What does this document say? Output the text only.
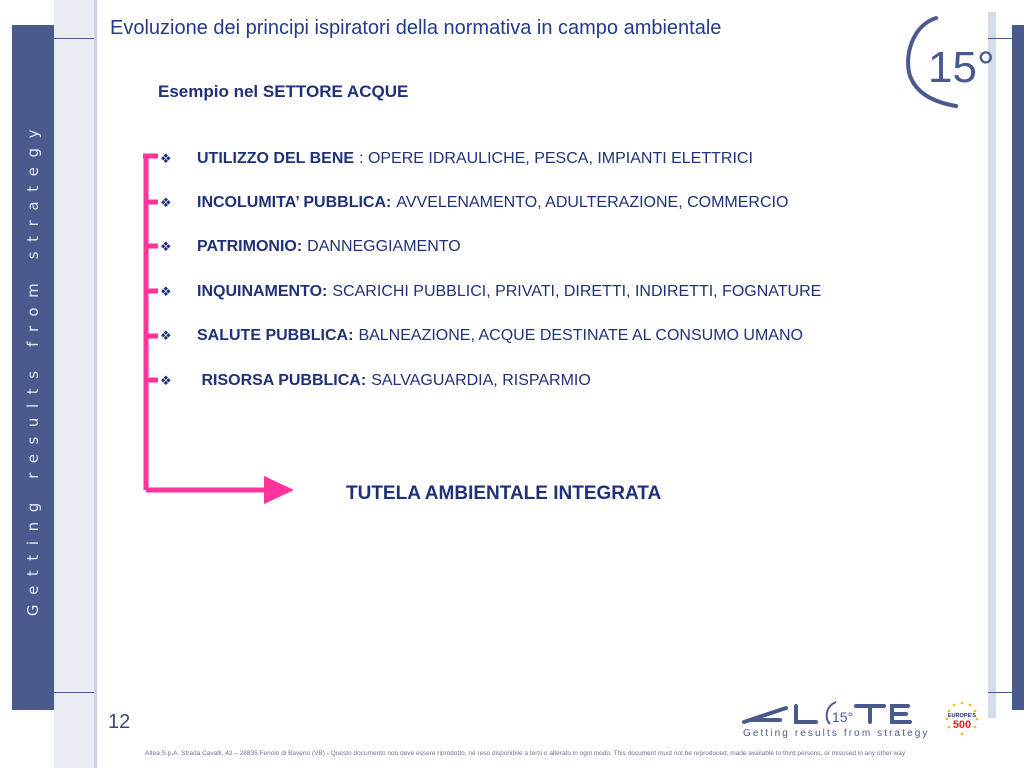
Getting results from strategy
Evoluzione dei principi ispiratori della normativa in campo ambientale
Esempio nel SETTORE ACQUE	15°
❖	UTILIZZO DEL BENE : OPERE IDRAULICHE, PESCA, IMPIANTI ELETTRICI
❖	INCOLUMITA’ PUBBLICA: AVVELENAMENTO, ADULTERAZIONE, COMMERCIO
❖	PATRIMONIO: DANNEGGIAMENTO
❖	INQUINAMENTO: SCARICHI PUBBLICI, PRIVATI, DIRETTI, INDIRETTI, FOGNATURE
❖	SALUTE PUBBLICA: BALNEAZIONE, ACQUE DESTINATE AL CONSUMO UMANO
❖	RISORSA PUBBLICA: SALVAGUARDIA, RISPARMIO
TUTELA AMBIENTALE INTEGRATA
12	15°
Getting results from strategy
EUROPE'S
500
Altea S.p.A. Strada Cavalli, 42 – 28835 Feriolo di Baveno (VB) - Questo documento non deve essere riprodotto, né reso disponibile a terzi o alterato in ogni modo. This document must not be reproduced, made available to third persons, or misused in any other way
